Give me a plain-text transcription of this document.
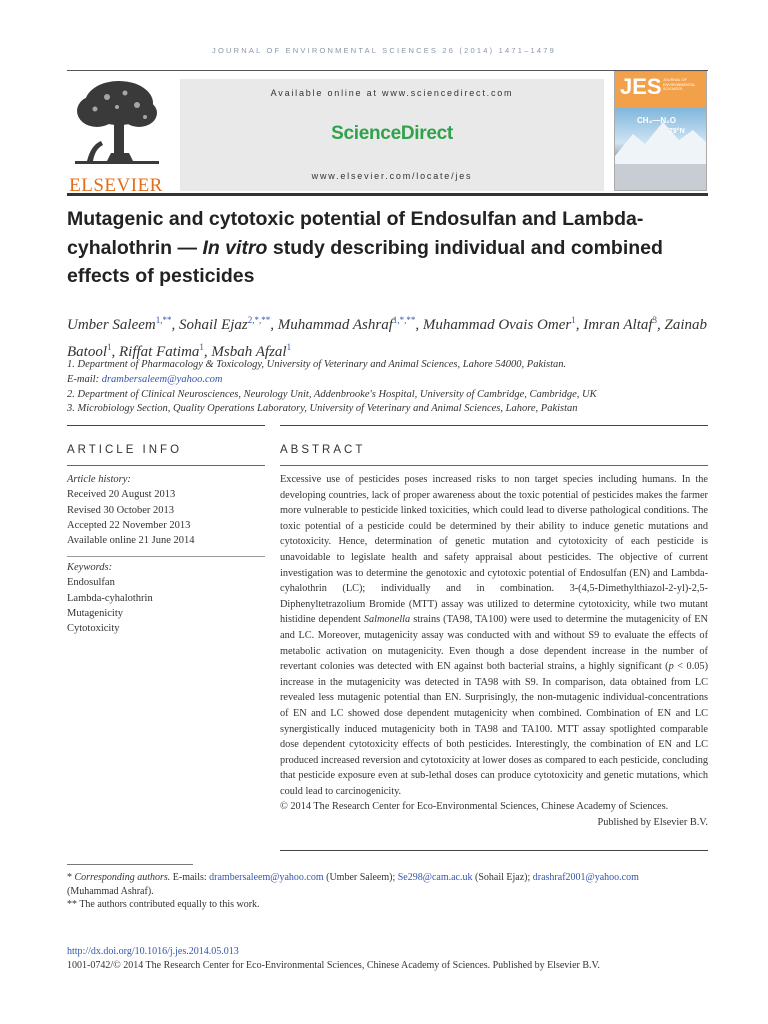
JOURNAL OF ENVIRONMENTAL SCIENCES 26 (2014) 1471–1479
ELSEVIER
Available online at www.sciencedirect.com
ScienceDirect
www.elsevier.com/locate/jes
JES JOURNAL OF ENVIRONMENTAL SCIENCES
CH₄—N₂O
79°N
Mutagenic and cytotoxic potential of Endosulfan and Lambda-cyhalothrin — In vitro study describing individual and combined effects of pesticides
Umber Saleem$^{1,**}$, Sohail Ejaz$^{2,*,**}$, Muhammad Ashraf$^{1,*,**}$, Muhammad Ovais Omer$^1$, Imran Altaf$^3$, Zainab Batool$^1$, Riffat Fatima$^1$, Msbah Afzal$^1$
1. Department of Pharmacology & Toxicology, University of Veterinary and Animal Sciences, Lahore 54000, Pakistan.
E-mail: drambersaleem@yahoo.com
2. Department of Clinical Neurosciences, Neurology Unit, Addenbrooke's Hospital, University of Cambridge, Cambridge, UK
3. Microbiology Section, Quality Operations Laboratory, University of Veterinary and Animal Sciences, Lahore, Pakistan
ARTICLE INFO	ABSTRACT
Article history:
Received 20 August 2013
Revised 30 October 2013
Accepted 22 November 2013
Available online 21 June 2014
Keywords:
Endosulfan
Lambda-cyhalothrin
Mutagenicity
Cytotoxicity
Excessive use of pesticides poses increased risks to non target species including humans. In the developing countries, lack of proper awareness about the toxic potential of pesticides makes the farmer more vulnerable to pesticide linked toxicities, which could lead to diverse pathological conditions. The toxic potential of a pesticide could be determined by their ability to induce genetic mutations and cytotoxicity. Hence, determination of genetic mutation and cytotoxicity of each pesticide is unavoidable to legislate health and safety appraisal about pesticides. The objective of current investigation was to determine the genotoxic and cytotoxic potential of Endosulfan (EN) and Lambda-cyhalothrin (LC); individually and in combination. 3-(4,5-Dimethylthiazol-2-yl)-2,5-Diphenyltetrazolium Bromide (MTT) assay was utilized to determine cytotoxicity, while two mutant histidine dependent Salmonella strains (TA98, TA100) were used to determine the mutagenicity of EN and LC. Moreover, mutagenicity assay was conducted with and without S9 to evaluate the effects of metabolic activation on mutagenicity. Even though a dose dependent increase in the number of revertant colonies was detected with EN against both bacterial strains, a highly significant (p < 0.05) increase in the mutagenicity was detected in TA98 with S9. In comparison, data obtained from LC revealed less mutagenic potential than EN. Surprisingly, the non-mutagenic individual-concentrations of EN and LC showed dose dependent mutagenicity when combined. Combination of EN and LC synergistically induced mutagenicity both in TA98 and TA100. MTT assay spotlighted comparable dose dependent cytotoxicity effects of both pesticides. Interestingly, the combination of EN and LC produced increased reversion and cytotoxicity at lower doses as compared to each pesticide, concluding that pesticide exposure even at sub-lethal doses can produce cytotoxicity and genetic mutations, which could lead to carcinogenicity.
© 2014 The Research Center for Eco-Environmental Sciences, Chinese Academy of Sciences.
Published by Elsevier B.V.
* Corresponding authors. E-mails: drambersaleem@yahoo.com (Umber Saleem); Se298@cam.ac.uk (Sohail Ejaz); drashraf2001@yahoo.com
(Muhammad Ashraf).
** The authors contributed equally to this work.
http://dx.doi.org/10.1016/j.jes.2014.05.013
1001-0742/© 2014 The Research Center for Eco-Environmental Sciences, Chinese Academy of Sciences. Published by Elsevier B.V.
